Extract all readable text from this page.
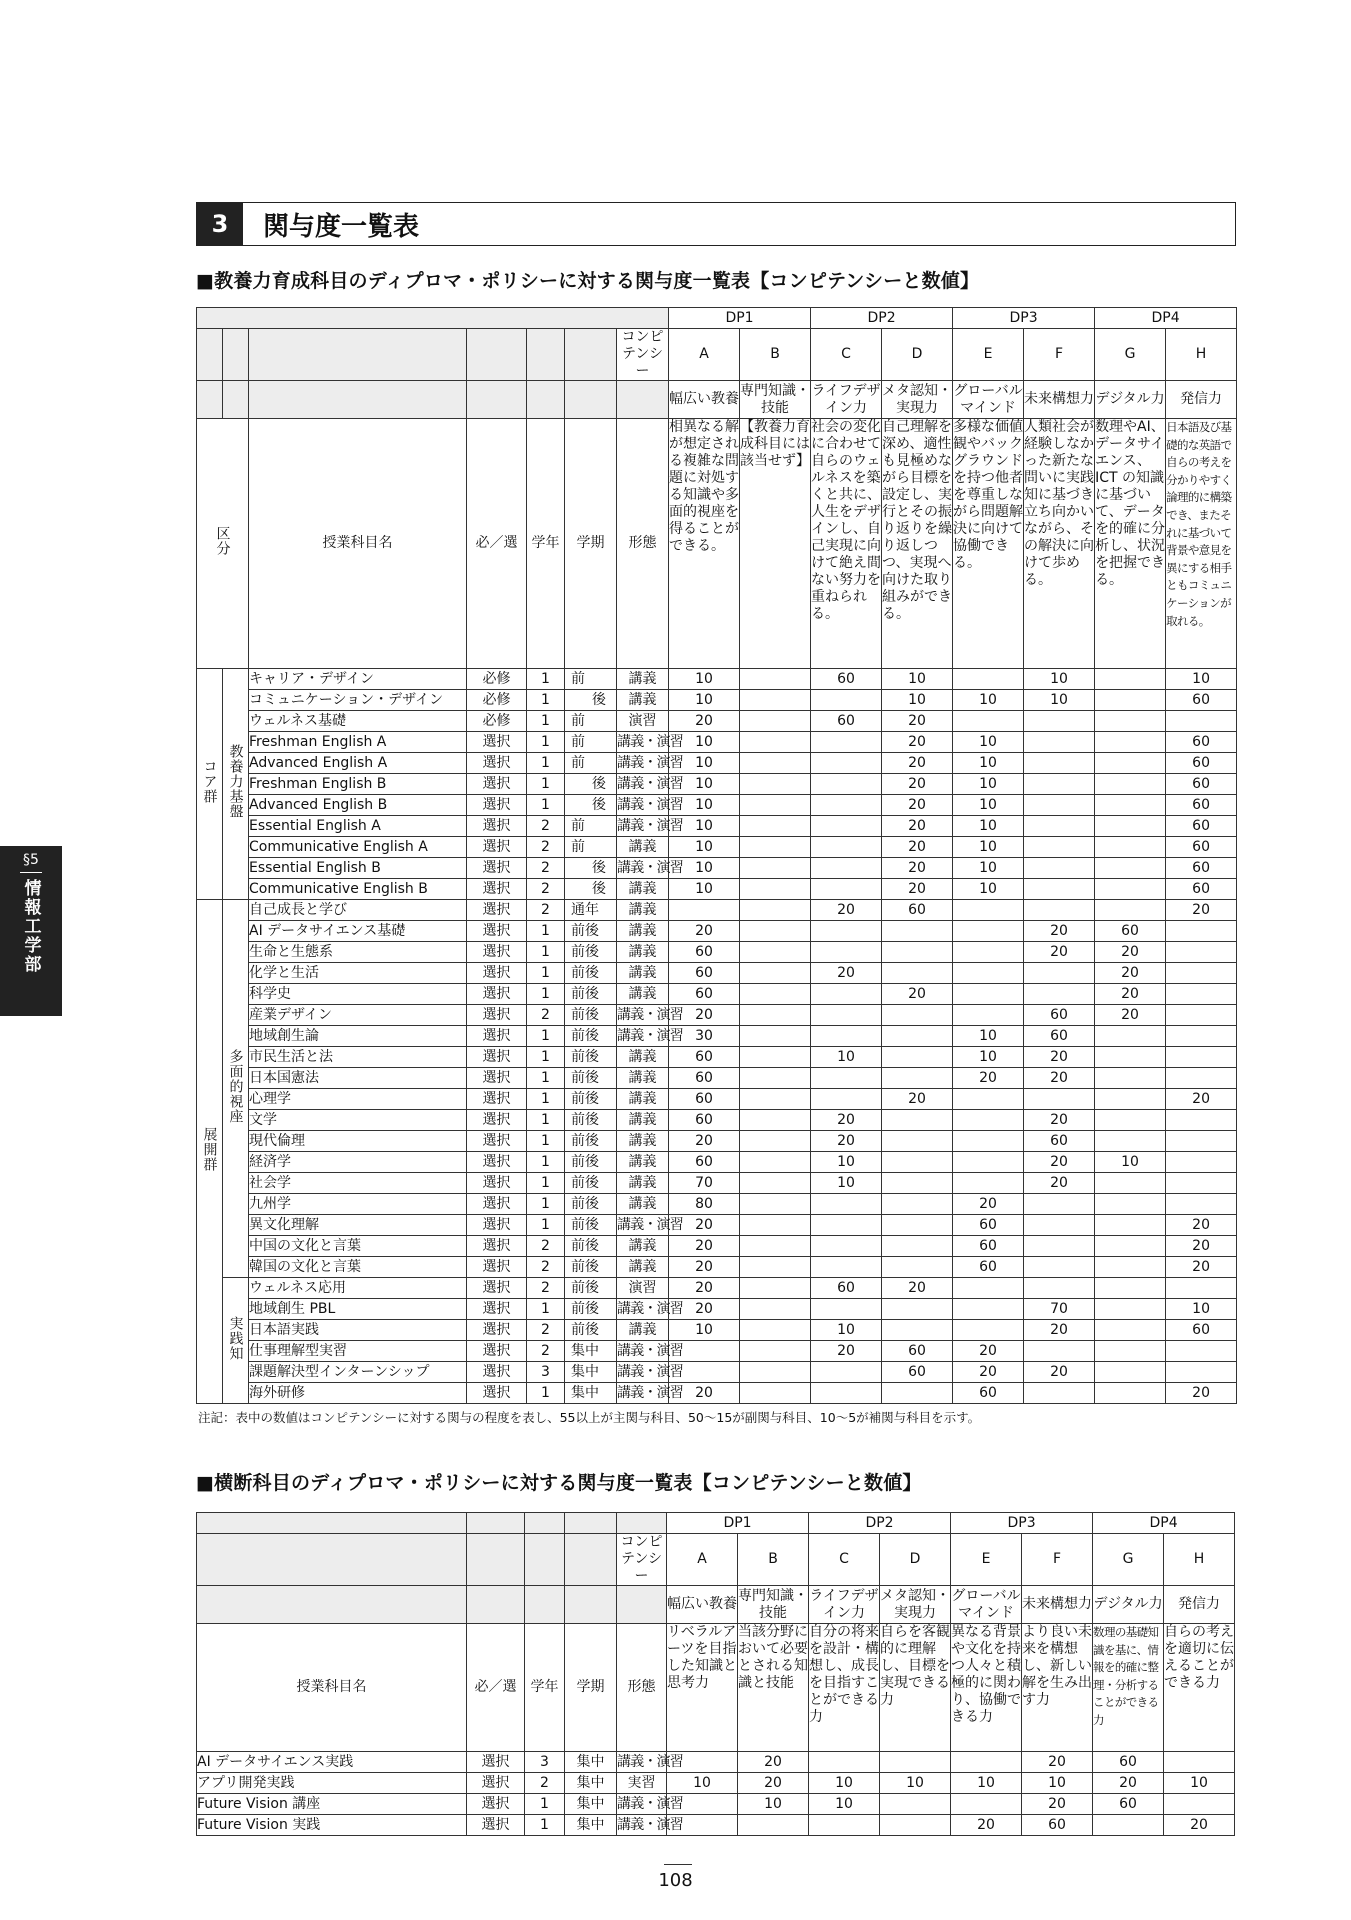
3	関与度一覧表
■教養力育成科目のディプロマ・ポリシーに対する関与度一覧表【コンピテンシーと数値】
							DP1		DP2		DP3		DP4	
						コンピテンシー	A	B	C	D	E	F	G	H
							幅広い教養	専門知識・技能	ライフデザイン力	メタ認知・実現力	グローバルマインド	未来構想力	デジタル力	発信力
区分		授業科目名	必／選	学年	学期	形態	相異なる解が想定される複雑な問題に対処する知識や多面的視座を得ることができる。	【教養力育成科目には該当せず】	社会の変化に合わせて自らのウェルネスを築くと共に、人生をデザインし、自己実現に向けて絶え間ない努力を重ねられる。	自己理解を深め、適性も見極めながら目標を設定し、実行とその振り返りを繰り返しつつ、実現へ向けた取り組みができる。	多様な価値観やバックグラウンドを持つ他者を尊重しながら問題解決に向けて協働できる。	人類社会が経験しなかった新たな問いに実践知に基づき立ち向かいながら、その解決に向けて歩める。	数理やAI、データサイエンス、ICT の知識に基づいて、データを的確に分析し、状況を把握できる。	日本語及び基礎的な英語で自らの考えを分かりやすく論理的に構築でき、またそれに基づいて背景や意見を異にする相手ともコミュニケーションが取れる。
コア群	教養力基盤	キャリア・デザイン	必修	1	前	講義	10		60	10		10		10
		コミュニケーション・デザイン	必修	1	後	講義	10			10	10	10		60
		ウェルネス基礎	必修	1	前	演習	20		60	20				
		Freshman English A	選択	1	前	講義・演習	10			20	10			60
		Advanced English A	選択	1	前	講義・演習	10			20	10			60
		Freshman English B	選択	1	後	講義・演習	10			20	10			60
		Advanced English B	選択	1	後	講義・演習	10			20	10			60
		Essential English A	選択	2	前	講義・演習	10			20	10			60
		Communicative English A	選択	2	前	講義	10			20	10			60
		Essential English B	選択	2	後	講義・演習	10			20	10			60
		Communicative English B	選択	2	後	講義	10			20	10			60
展開群	多面的視座	自己成長と学び	選択	2	通年	講義			20	60				20
		AI データサイエンス基礎	選択	1	前後	講義	20					20	60	
		生命と生態系	選択	1	前後	講義	60					20	20	
		化学と生活	選択	1	前後	講義	60		20				20	
		科学史	選択	1	前後	講義	60			20			20	
		産業デザイン	選択	2	前後	講義・演習	20					60	20	
		地域創生論	選択	1	前後	講義・演習	30				10	60		
		市民生活と法	選択	1	前後	講義	60		10		10	20		
		日本国憲法	選択	1	前後	講義	60				20	20		
		心理学	選択	1	前後	講義	60			20				20
		文学	選択	1	前後	講義	60		20			20		
		現代倫理	選択	1	前後	講義	20		20			60		
		経済学	選択	1	前後	講義	60		10			20	10	
		社会学	選択	1	前後	講義	70		10			20		
		九州学	選択	1	前後	講義	80				20			
		異文化理解	選択	1	前後	講義・演習	20				60			20
		中国の文化と言葉	選択	2	前後	講義	20				60			20
		韓国の文化と言葉	選択	2	前後	講義	20				60			20
	実践知	ウェルネス応用	選択	2	前後	演習	20		60	20				
		地域創生 PBL	選択	1	前後	講義・演習	20					70		10
		日本語実践	選択	2	前後	講義	10		10			20		60
		仕事理解型実習	選択	2	集中	講義・演習			20	60	20			
		課題解決型インターンシップ	選択	3	集中	講義・演習				60	20	20		
		海外研修	選択	1	集中	講義・演習	20				60			20
注記：表中の数値はコンピテンシーに対する関与の程度を表し、55以上が主関与科目、50〜15が副関与科目、10〜5が補関与科目を示す。
■横断科目のディプロマ・ポリシーに対する関与度一覧表【コンピテンシーと数値】
					DP1		DP2		DP3		DP4	
				コンピテンシー	A	B	C	D	E	F	G	H
					幅広い教養	専門知識・技能	ライフデザイン力	メタ認知・実現力	グローバルマインド	未来構想力	デジタル力	発信力
授業科目名	必／選	学年	学期	形態	リベラルアーツを目指した知識と思考力	当該分野において必要とされる知識と技能	自分の将来を設計・構想し、成長を目指すことができる力	自らを客観的に理解し、目標を実現できる力	異なる背景や文化を持つ人々と積極的に関わり、協働できる力	より良い未来を構想し、新しい解を生み出す力	数理の基礎知識を基に、情報を的確に整理・分析することができる力	自らの考えを適切に伝えることができる力
AI データサイエンス実践	選択	3	集中	講義・演習		20				20	60	
アプリ開発実践	選択	2	集中	実習	10	20	10	10	10	10	20	10
Future Vision 講座	選択	1	集中	講義・演習		10	10			20	60	
Future Vision 実践	選択	1	集中	講義・演習					20	60		20
§5
情報工学部
108
